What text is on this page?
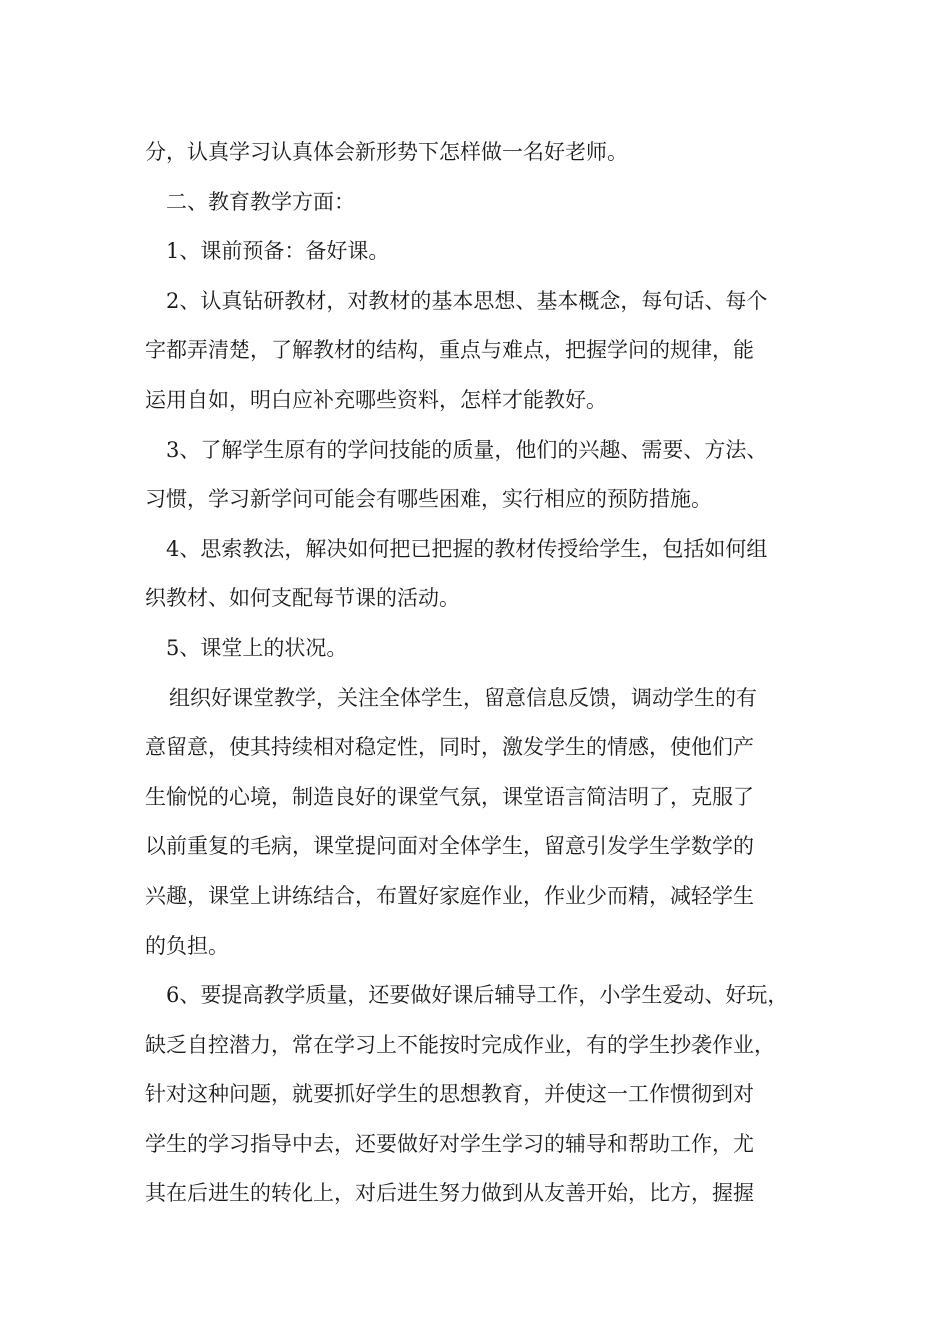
分，认真学习认真体会新形势下怎样做一名好老师。
二、教育教学方面：
1、课前预备：备好课。
2、认真钻研教材，对教材的基本思想、基本概念，每句话、每个
字都弄清楚，了解教材的结构，重点与难点，把握学问的规律，能
运用自如，明白应补充哪些资料，怎样才能教好。
3、了解学生原有的学问技能的质量，他们的兴趣、需要、方法、
习惯，学习新学问可能会有哪些困难，实行相应的预防措施。
4、思索教法，解决如何把已把握的教材传授给学生，包括如何组
织教材、如何支配每节课的活动。
5、课堂上的状况。
组织好课堂教学，关注全体学生，留意信息反馈，调动学生的有
意留意，使其持续相对稳定性，同时，激发学生的情感，使他们产
生愉悦的心境，制造良好的课堂气氛，课堂语言简洁明了，克服了
以前重复的毛病，课堂提问面对全体学生，留意引发学生学数学的
兴趣，课堂上讲练结合，布置好家庭作业，作业少而精，减轻学生
的负担。
6、要提高教学质量，还要做好课后辅导工作，小学生爱动、好玩，
缺乏自控潜力，常在学习上不能按时完成作业，有的学生抄袭作业，
针对这种问题，就要抓好学生的思想教育，并使这一工作惯彻到对
学生的学习指导中去，还要做好对学生学习的辅导和帮助工作，尤
其在后进生的转化上，对后进生努力做到从友善开始，比方，握握
